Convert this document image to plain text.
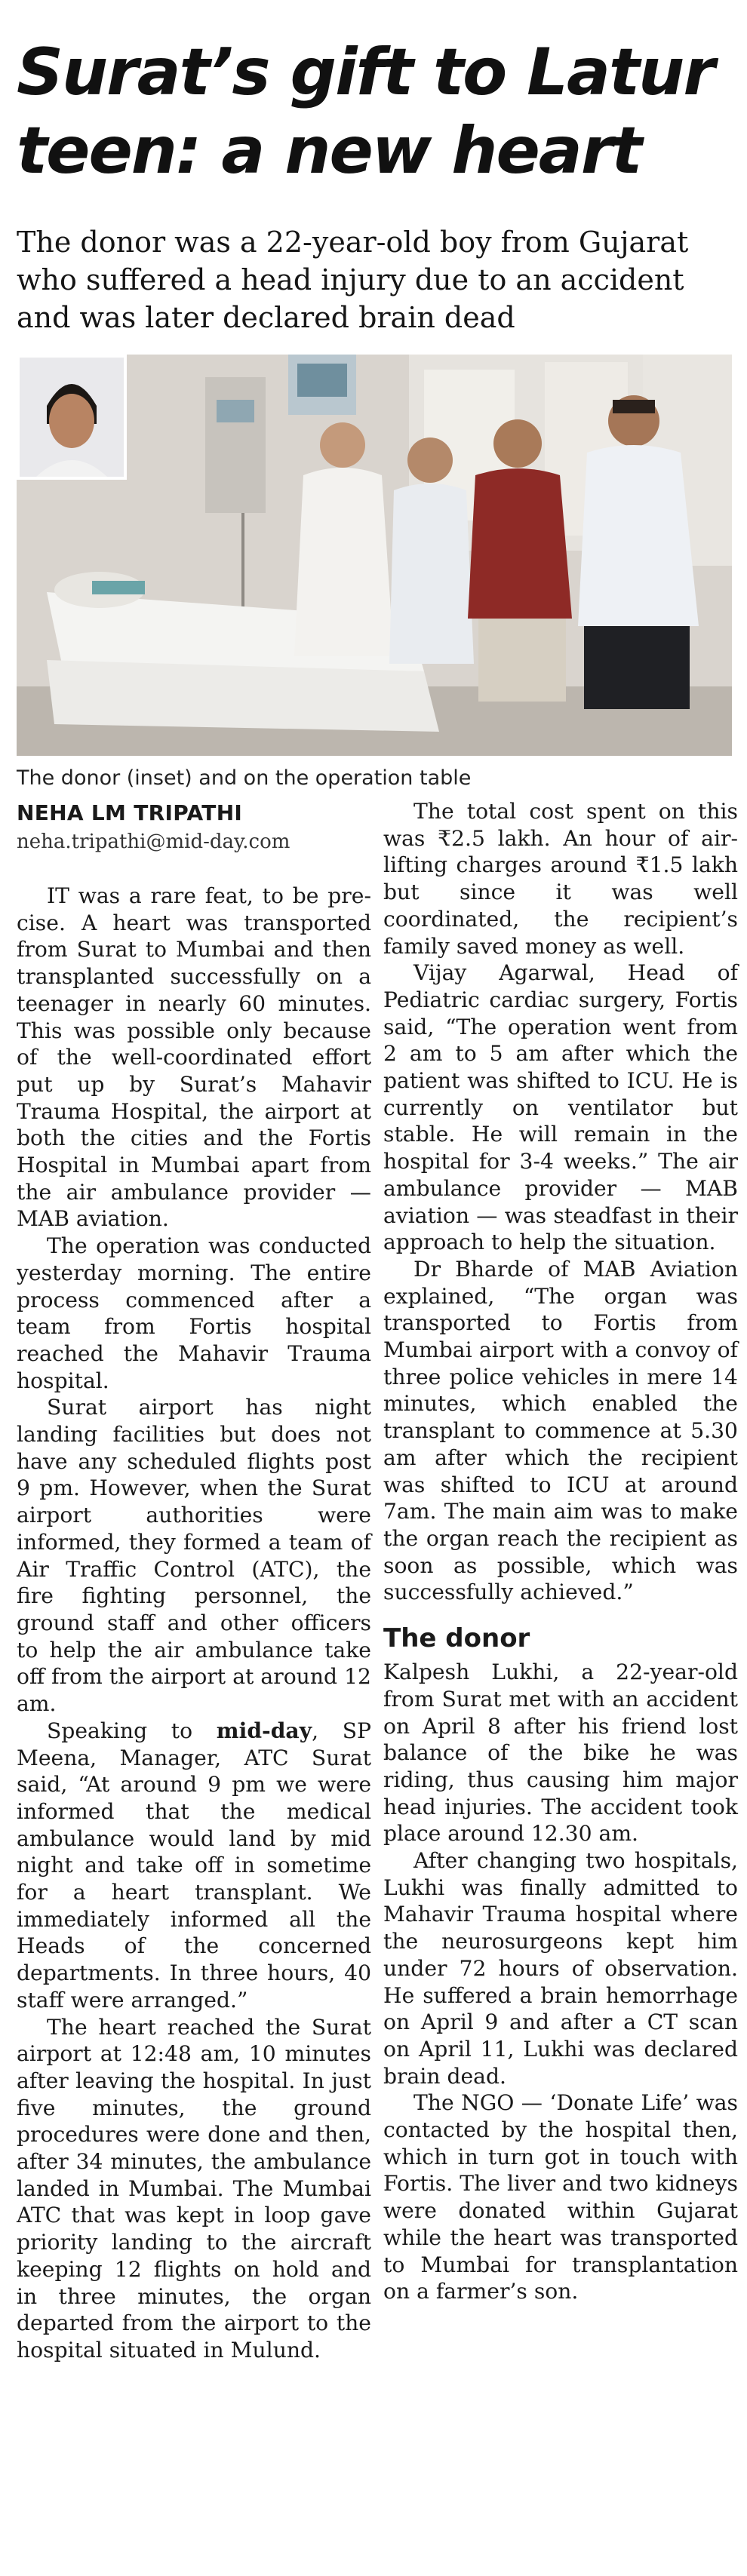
Surat’s gift to Latur
teen: a new heart

The donor was a 22-year-old boy from Gujarat who suffered a head injury due to an accident and was later declared brain dead

The donor (inset) and on the operation table

NEHA LM TRIPATHI

neha.tripathi@mid-day.com

IT was a rare feat, to be precise. A heart was transported from Surat to Mumbai and then transplanted successfully on a teenager in nearly 60 minutes. This was possible only because of the well-coordinated effort put up by Surat’s Mahavir Trauma Hospital, the airport at both the cities and the Fortis Hospital in Mumbai apart from the air ambulance provider — MAB aviation.

The operation was conducted yesterday morning. The entire process commenced after a team from Fortis hospital reached the Mahavir Trauma hospital.

Surat airport has night landing facilities but does not have any scheduled flights post 9 pm. However, when the Surat airport authorities were informed, they formed a team of Air Traffic Control (ATC), the fire fighting personnel, the ground staff and other officers to help the air ambulance take off from the airport at around 12 am.

Speaking to mid-day, SP Meena, Manager, ATC Surat said, “At around 9 pm we were informed that the medical ambulance would land by mid night and take off in sometime for a heart transplant. We immediately informed all the Heads of the concerned departments. In three hours, 40 staff were arranged.”

The heart reached the Surat airport at 12:48 am, 10 minutes after leaving the hospital. In just five minutes, the ground procedures were done and then, after 34 minutes, the ambulance landed in Mumbai. The Mumbai ATC that was kept in loop gave priority landing to the aircraft keeping 12 flights on hold and in three minutes, the organ departed from the airport to the hospital situated in Mulund.

The total cost spent on this was ₹2.5 lakh. An hour of air-lifting charges around ₹1.5 lakh but since it was well coordinated, the recipient’s family saved money as well.

Vijay Agarwal, Head of Pediatric cardiac surgery, Fortis said, “The operation went from 2 am to 5 am after which the patient was shifted to ICU. He is currently on ventilator but stable. He will remain in the hospital for 3-4 weeks.” The air ambulance provider — MAB aviation — was steadfast in their approach to help the situation.

Dr Bharde of MAB Aviation explained, “The organ was transported to Fortis from Mumbai airport with a convoy of three police vehicles in mere 14 minutes, which enabled the transplant to commence at 5.30 am after which the recipient was shifted to ICU at around 7am. The main aim was to make the organ reach the recipient as soon as possible, which was successfully achieved.”

The donor

Kalpesh Lukhi, a 22-year-old from Surat met with an accident on April 8 after his friend lost balance of the bike he was riding, thus causing him major head injuries. The accident took place around 12.30 am.

After changing two hospitals, Lukhi was finally admitted to Mahavir Trauma hospital where the neurosurgeons kept him under 72 hours of observation. He suffered a brain hemorrhage on April 9 and after a CT scan on April 11, Lukhi was declared brain dead.

The NGO — ‘Donate Life’ was contacted by the hospital then, which in turn got in touch with Fortis. The liver and two kidneys were donated within Gujarat while the heart was transported to Mumbai for transplantation on a farmer’s son.
